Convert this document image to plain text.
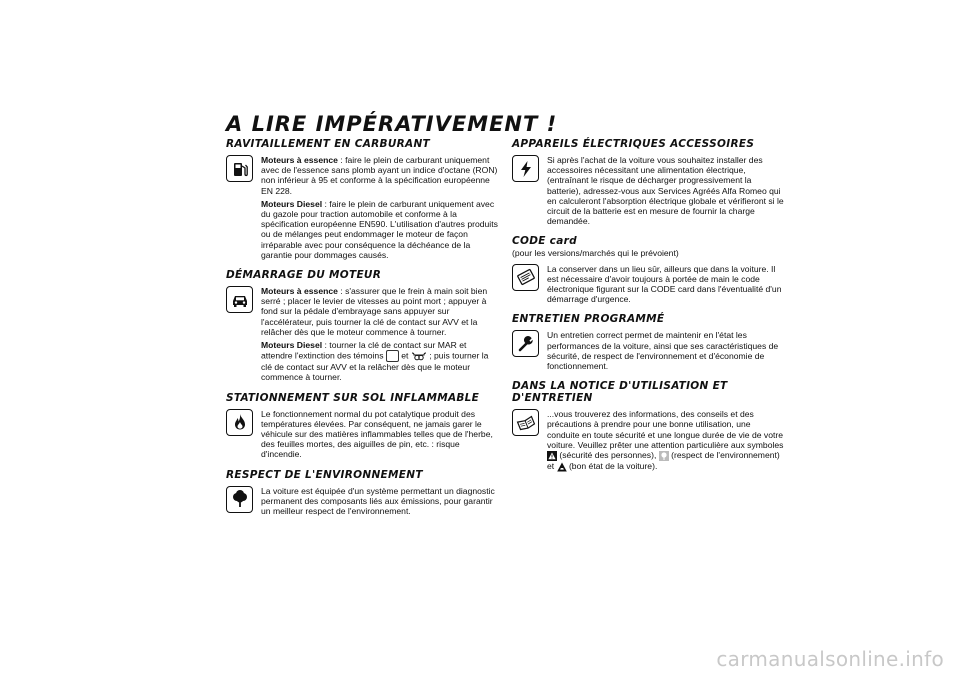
A LIRE IMPÉRATIVEMENT !
RAVITAILLEMENT EN CARBURANT

Moteurs à essence : faire le plein de carburant uniquement avec de l'essence sans plomb ayant un indice d'octane (RON) non inférieur à 95 et conforme à la spécification européenne EN 228.

Moteurs Diesel : faire le plein de carburant uniquement avec du gazole pour traction automobile et conforme à la spécification européenne EN590. L'utilisation d'autres produits ou de mélanges peut endommager le moteur de façon irréparable avec pour conséquence la déchéance de la garantie pour dommages causés.

DÉMARRAGE DU MOTEUR

Moteurs à essence : s'assurer que le frein à main soit bien serré ; placer le levier de vitesses au point mort ; appuyer à fond sur la pédale d'embrayage sans appuyer sur l'accélérateur, puis tourner la clé de contact sur AVV et la relâcher dès que le moteur commence à tourner.

Moteurs Diesel : tourner la clé de contact sur MAR et attendre l'extinction des témoins  et  ; puis tourner la clé de contact sur AVV et la relâcher dès que le moteur commence à tourner.

STATIONNEMENT SUR SOL INFLAMMABLE

Le fonctionnement normal du pot catalytique produit des températures élevées. Par conséquent, ne jamais garer le véhicule sur des matières inflammables telles que de l'herbe, des feuilles mortes, des aiguilles de pin, etc. : risque d'incendie.

RESPECT DE L'ENVIRONNEMENT

La voiture est équipée d'un système permettant un diagnostic permanent des composants liés aux émissions, pour garantir un meilleur respect de l'environnement.

APPAREILS ÉLECTRIQUES ACCESSOIRES

Si après l'achat de la voiture vous souhaitez installer des accessoires nécessitant une alimentation électrique, (entraînant le risque de décharger progressivement la batterie), adressez-vous aux Services Agréés Alfa Romeo qui en calculeront l'absorption électrique globale et vérifieront si le circuit de la batterie est en mesure de fournir la charge demandée.

CODE card
(pour les versions/marchés qui le prévoient)

La conserver dans un lieu sûr, ailleurs que dans la voiture. Il est nécessaire d'avoir toujours à portée de main le code électronique figurant sur la CODE card dans l'éventualité d'un démarrage d'urgence.

ENTRETIEN PROGRAMMÉ

Un entretien correct permet de maintenir en l'état les performances de la voiture, ainsi que ses caractéristiques de sécurité, de respect de l'environnement et d'économie de fonctionnement.

DANS LA NOTICE D'UTILISATION ET D'ENTRETIEN

...vous trouverez des informations, des conseils et des précautions à prendre pour une bonne utilisation, une conduite en toute sécurité et une longue durée de vie de votre voiture. Veuillez prêter une attention particulière aux symboles  (sécurité des personnes),  (respect de l'environnement) et  (bon état de la voiture).

carmanualsonline.info
